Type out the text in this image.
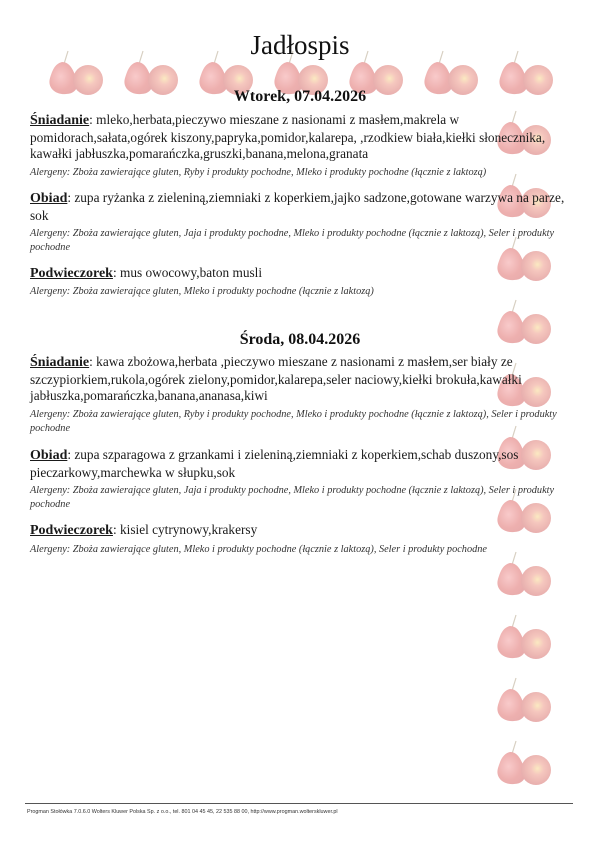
Jadłospis
Wtorek, 07.04.2026
Śniadanie: mleko,herbata,pieczywo mieszane z nasionami z masłem,makrela w pomidorach,sałata,ogórek kiszony,papryka,pomidor,kalarepa, ,rzodkiew biała,kiełki słonecznika, kawałki jabłuszka,pomarańczka,gruszki,banana,melona,granata
Alergeny: Zboża zawierające gluten, Ryby i produkty pochodne, Mleko i produkty pochodne (łącznie z laktozą)
Obiad: zupa ryżanka z zieleniną,ziemniaki z koperkiem,jajko sadzone,gotowane warzywa na parze, sok
Alergeny: Zboża zawierające gluten, Jaja i produkty pochodne, Mleko i produkty pochodne (łącznie z laktozą), Seler i produkty pochodne
Podwieczorek: mus owocowy,baton musli
Alergeny: Zboża zawierające gluten, Mleko i produkty pochodne (łącznie z laktozą)
Środa, 08.04.2026
Śniadanie: kawa zbożowa,herbata ,pieczywo mieszane z nasionami z masłem,ser biały ze szczypiorkiem,rukola,ogórek zielony,pomidor,kalarepa,seler naciowy,kiełki brokuła,kawałki jabłuszka,pomarańczka,banana,ananasa,kiwi
Alergeny: Zboża zawierające gluten, Ryby i produkty pochodne, Mleko i produkty pochodne (łącznie z laktozą), Seler i produkty pochodne
Obiad: zupa szparagowa z grzankami i zieleniną,ziemniaki z koperkiem,schab duszony,sos pieczarkowy,marchewka w słupku,sok
Alergeny: Zboża zawierające gluten, Jaja i produkty pochodne, Mleko i produkty pochodne (łącznie z laktozą), Seler i produkty pochodne
Podwieczorek: kisiel cytrynowy,krakersy
Alergeny: Zboża zawierające gluten, Mleko i produkty pochodne (łącznie z laktozą), Seler i produkty pochodne
Progman Stołówka 7.0.6.0 Wolters Kluwer Polska Sp. z o.o., tel. 801 04 45 45, 22 535 88 00, http://www.progman.wolterskluwer.pl
